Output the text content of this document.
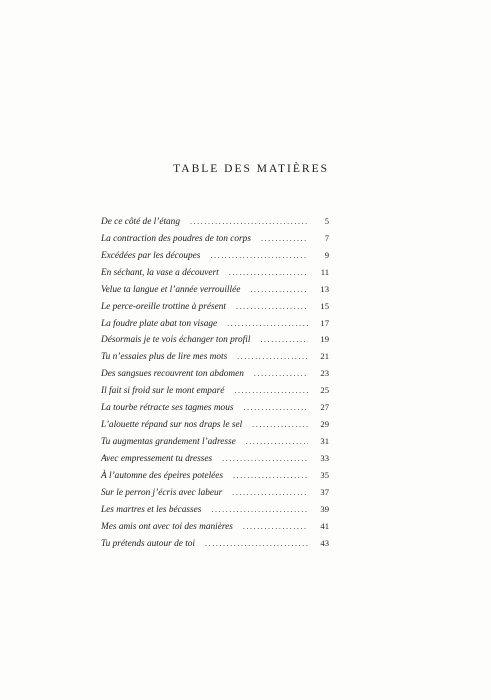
TABLE DES MATIÈRES
De ce côté de l’étang .....	5
La contraction des poudres de ton corps .....	7
Excédées par les découpes .....	9
En séchant, la vase a découvert .....	11
Velue ta langue et l’année verrouillée .....	13
Le perce-oreille trottine à présent .....	15
La foudre plate abat ton visage .....	17
Désormais je te vois échanger ton profil .....	19
Tu n’essaies plus de lire mes mots .....	21
Des sangsues recouvrent ton abdomen .....	23
Il fait si froid sur le mont emparé .....	25
La tourbe rétracte ses tagmes mous .....	27
L’alouette répand sur nos draps le sel .....	29
Tu augmentas grandement l’adresse .....	31
Avec empressement tu dresses .....	33
À l’automne des épeires potelées .....	35
Sur le perron j’écris avec labeur .....	37
Les martres et les bécasses .....	39
Mes amis ont avec toi des manières .....	41
Tu prétends autour de toi .....	43
